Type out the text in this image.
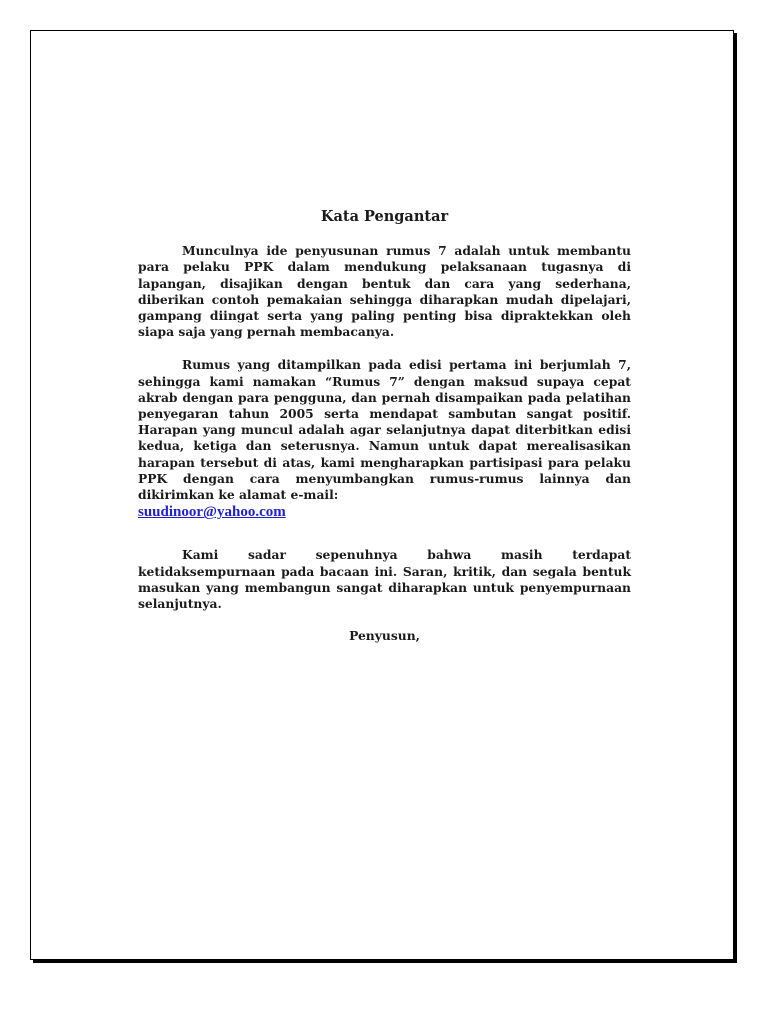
Kata Pengantar

Munculnya ide penyusunan rumus 7 adalah untuk membantu para pelaku PPK dalam mendukung pelaksanaan tugasnya di lapangan, disajikan dengan bentuk dan cara yang sederhana, diberikan contoh pemakaian sehingga diharapkan mudah dipelajari, gampang diingat serta yang paling penting bisa dipraktekkan oleh siapa saja yang pernah membacanya.

Rumus yang ditampilkan pada edisi pertama ini berjumlah 7, sehingga kami namakan “Rumus 7” dengan maksud supaya cepat akrab dengan para pengguna, dan pernah disampaikan pada pelatihan penyegaran tahun 2005 serta mendapat sambutan sangat positif. Harapan yang muncul adalah agar selanjutnya dapat diterbitkan edisi kedua, ketiga dan seterusnya. Namun untuk dapat merealisasikan harapan tersebut di atas, kami mengharapkan partisipasi para pelaku PPK dengan cara menyumbangkan rumus-rumus lainnya dan dikirimkan ke alamat e-mail:

suudinoor@yahoo.com

Kami sadar sepenuhnya bahwa masih terdapat ketidaksempurnaan pada bacaan ini. Saran, kritik, dan segala bentuk masukan yang membangun sangat diharapkan untuk penyempurnaan selanjutnya.

Penyusun,
